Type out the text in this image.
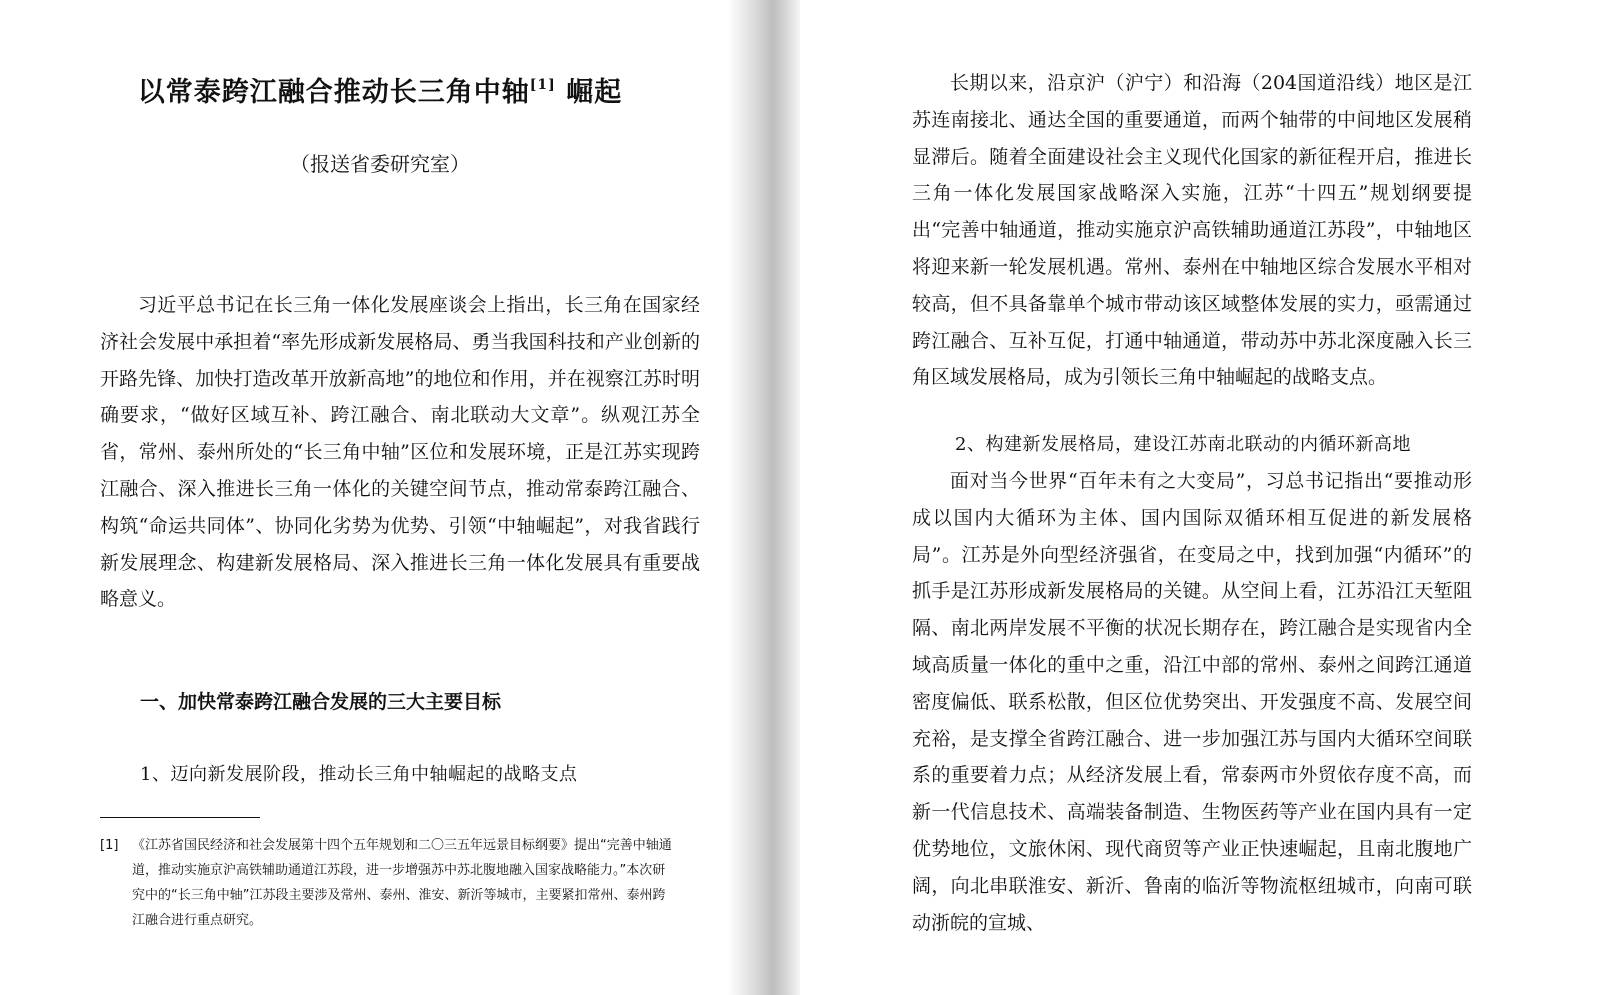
以常泰跨江融合推动长三角中轴[1] 崛起
（报送省委研究室）

习近平总书记在长三角一体化发展座谈会上指出，长三角在国家经济社会发展中承担着“率先形成新发展格局、勇当我国科技和产业创新的开路先锋、加快打造改革开放新高地”的地位和作用，并在视察江苏时明确要求，“做好区域互补、跨江融合、南北联动大文章”。纵观江苏全省，常州、泰州所处的“长三角中轴”区位和发展环境，正是江苏实现跨江融合、深入推进长三角一体化的关键空间节点，推动常泰跨江融合、构筑“命运共同体”、协同化劣势为优势、引领“中轴崛起”，对我省践行新发展理念、构建新发展格局、深入推进长三角一体化发展具有重要战略意义。

一、加快常泰跨江融合发展的三大主要目标
1、迈向新发展阶段，推动长三角中轴崛起的战略支点
[1] 《江苏省国民经济和社会发展第十四个五年规划和二〇三五年远景目标纲要》提出“完善中轴通道，推动实施京沪高铁辅助通道江苏段，进一步增强苏中苏北腹地融入国家战略能力。”本次研究中的“长三角中轴”江苏段主要涉及常州、泰州、淮安、新沂等城市，主要紧扣常州、泰州跨江融合进行重点研究。

长期以来，沿京沪（沪宁）和沿海（204国道沿线）地区是江苏连南接北、通达全国的重要通道，而两个轴带的中间地区发展稍显滞后。随着全面建设社会主义现代化国家的新征程开启，推进长三角一体化发展国家战略深入实施，江苏“十四五”规划纲要提出“完善中轴通道，推动实施京沪高铁辅助通道江苏段”，中轴地区将迎来新一轮发展机遇。常州、泰州在中轴地区综合发展水平相对较高，但不具备靠单个城市带动该区域整体发展的实力，亟需通过跨江融合、互补互促，打通中轴通道，带动苏中苏北深度融入长三角区域发展格局，成为引领长三角中轴崛起的战略支点。

2、构建新发展格局，建设江苏南北联动的内循环新高地

面对当今世界“百年未有之大变局”，习总书记指出“要推动形成以国内大循环为主体、国内国际双循环相互促进的新发展格局”。江苏是外向型经济强省，在变局之中，找到加强“内循环”的抓手是江苏形成新发展格局的关键。从空间上看，江苏沿江天堑阻隔、南北两岸发展不平衡的状况长期存在，跨江融合是实现省内全域高质量一体化的重中之重，沿江中部的常州、泰州之间跨江通道密度偏低、联系松散，但区位优势突出、开发强度不高、发展空间充裕，是支撑全省跨江融合、进一步加强江苏与国内大循环空间联系的重要着力点；从经济发展上看，常泰两市外贸依存度不高，而新一代信息技术、高端装备制造、生物医药等产业在国内具有一定优势地位，文旅休闲、现代商贸等产业正快速崛起，且南北腹地广阔，向北串联淮安、新沂、鲁南的临沂等物流枢纽城市，向南可联动浙皖的宣城、
